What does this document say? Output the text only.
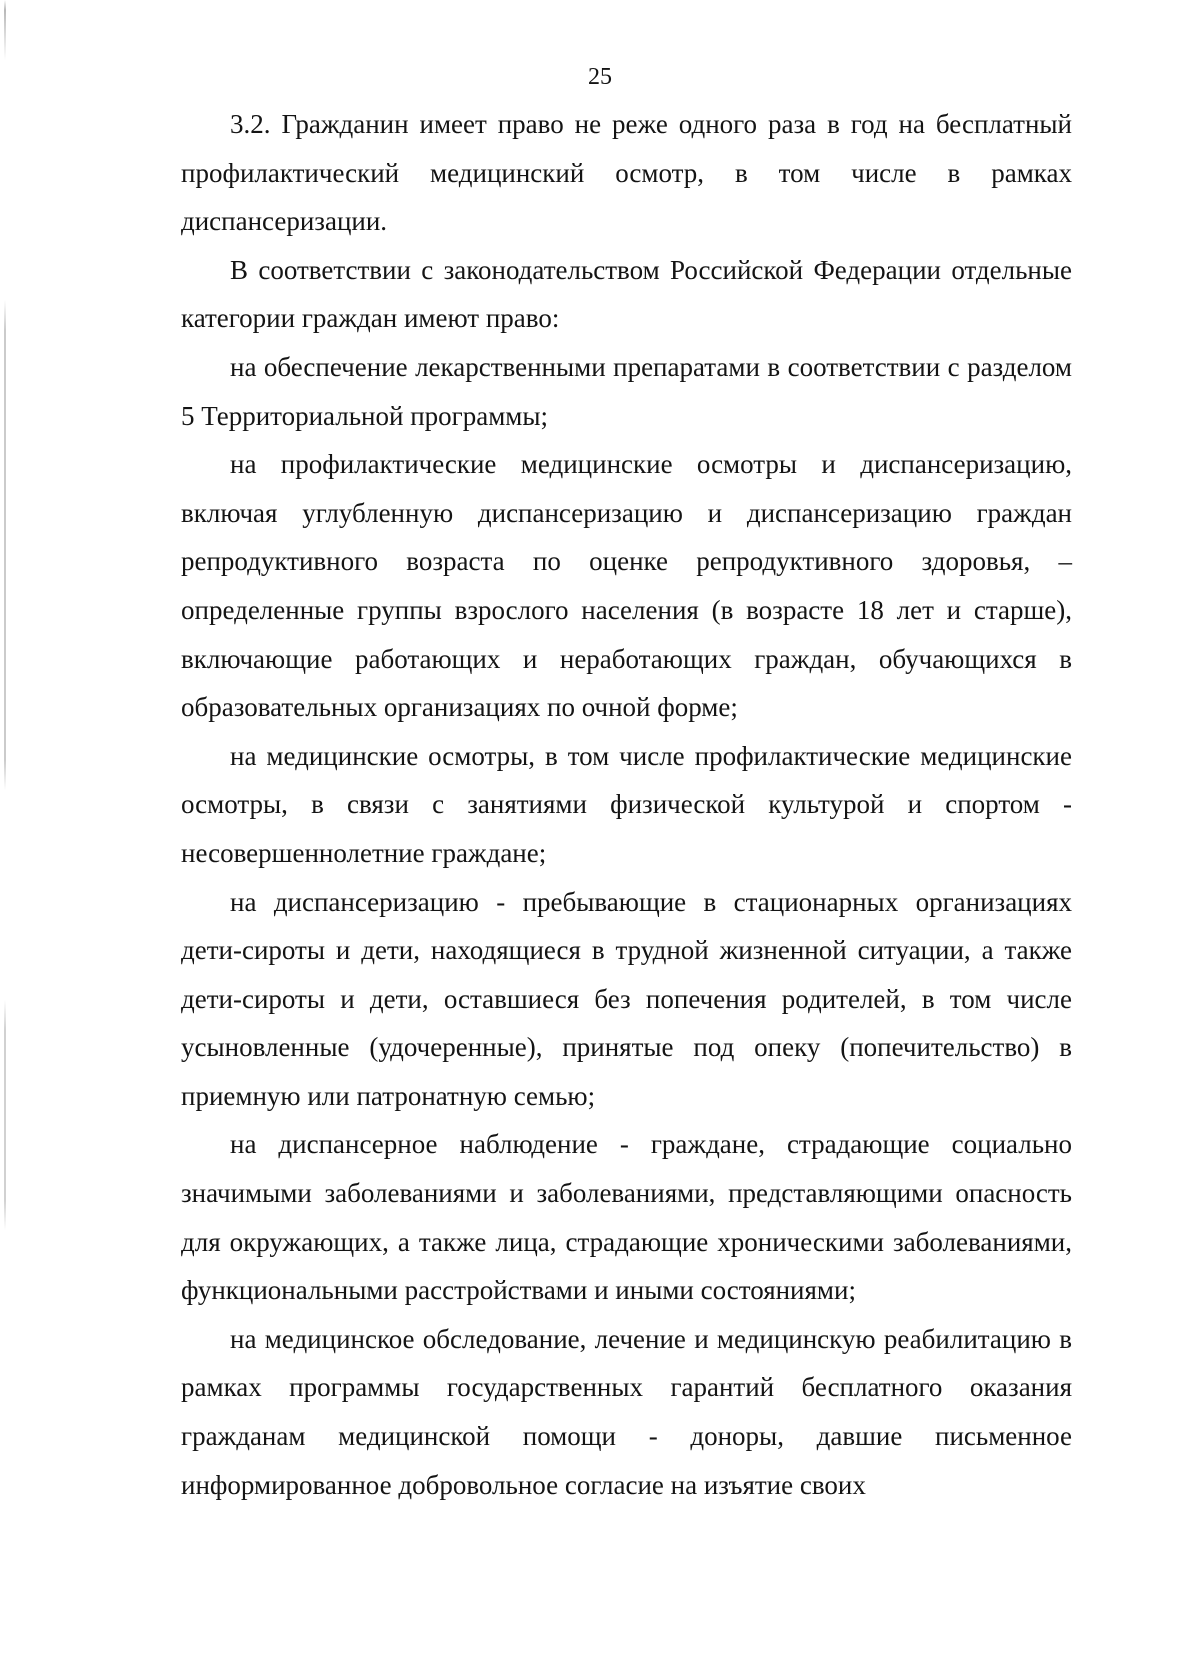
25

3.2. Гражданин имеет право не реже одного раза в год на бесплатный профилактический медицинский осмотр, в том числе в рамках диспансеризации.

В соответствии с законодательством Российской Федерации отдельные категории граждан имеют право:

на обеспечение лекарственными препаратами в соответствии с разделом 5 Территориальной программы;

на профилактические медицинские осмотры и диспансеризацию, включая углубленную диспансеризацию и диспансеризацию граждан репродуктивного возраста по оценке репродуктивного здоровья, – определенные группы взрослого населения (в возрасте 18 лет и старше), включающие работающих и неработающих граждан, обучающихся в образовательных организациях по очной форме;

на медицинские осмотры, в том числе профилактические медицинские осмотры, в связи с занятиями физической культурой и спортом - несовершеннолетние граждане;

на диспансеризацию - пребывающие в стационарных организациях дети-сироты и дети, находящиеся в трудной жизненной ситуации, а также дети-сироты и дети, оставшиеся без попечения родителей, в том числе усыновленные (удочеренные), принятые под опеку (попечительство) в приемную или патронатную семью;

на диспансерное наблюдение - граждане, страдающие социально значимыми заболеваниями и заболеваниями, представляющими опасность для окружающих, а также лица, страдающие хроническими заболеваниями, функциональными расстройствами и иными состояниями;

на медицинское обследование, лечение и медицинскую реабилитацию в рамках программы государственных гарантий бесплатного оказания гражданам медицинской помощи - доноры, давшие письменное информированное добровольное согласие на изъятие своих
